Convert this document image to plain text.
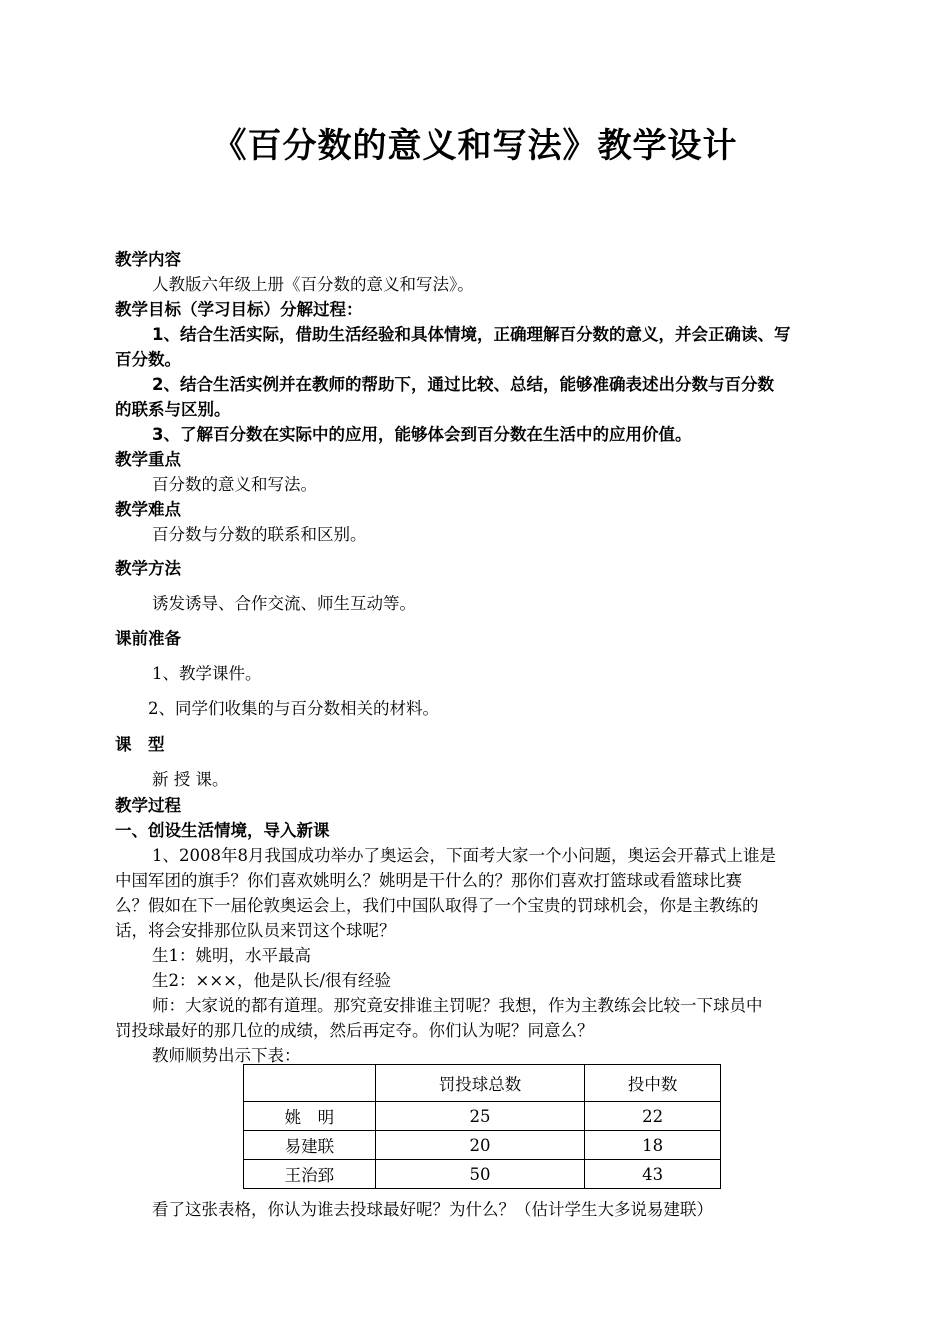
《百分数的意义和写法》教学设计
教学内容
人教版六年级上册《百分数的意义和写法》。
教学目标（学习目标）分解过程：
1、结合生活实际，借助生活经验和具体情境，正确理解百分数的意义，并会正确读、写
百分数。
2、结合生活实例并在教师的帮助下，通过比较、总结，能够准确表述出分数与百分数
的联系与区别。
3、了解百分数在实际中的应用，能够体会到百分数在生活中的应用价值。
教学重点
百分数的意义和写法。
教学难点
百分数与分数的联系和区别。
教学方法
诱发诱导、合作交流、师生互动等。
课前准备
1、教学课件。
2、同学们收集的与百分数相关的材料。
课　型
新 授 课。
教学过程
一、创设生活情境，导入新课
1、2008年8月我国成功举办了奥运会，下面考大家一个小问题，奥运会开幕式上谁是
中国军团的旗手？你们喜欢姚明么？姚明是干什么的？那你们喜欢打篮球或看篮球比赛
么？假如在下一届伦敦奥运会上，我们中国队取得了一个宝贵的罚球机会，你是主教练的
话，将会安排那位队员来罚这个球呢？
生1：姚明，水平最高
生2：×××，他是队长/很有经验
师：大家说的都有道理。那究竟安排谁主罚呢？我想，作为主教练会比较一下球员中
罚投球最好的那几位的成绩，然后再定夺。你们认为呢？同意么？
教师顺势出示下表：
	罚投球总数	投中数
姚　明	25	22
易建联	20	18
王治郅	50	43
看了这张表格，你认为谁去投球最好呢？为什么？（估计学生大多说易建联）
